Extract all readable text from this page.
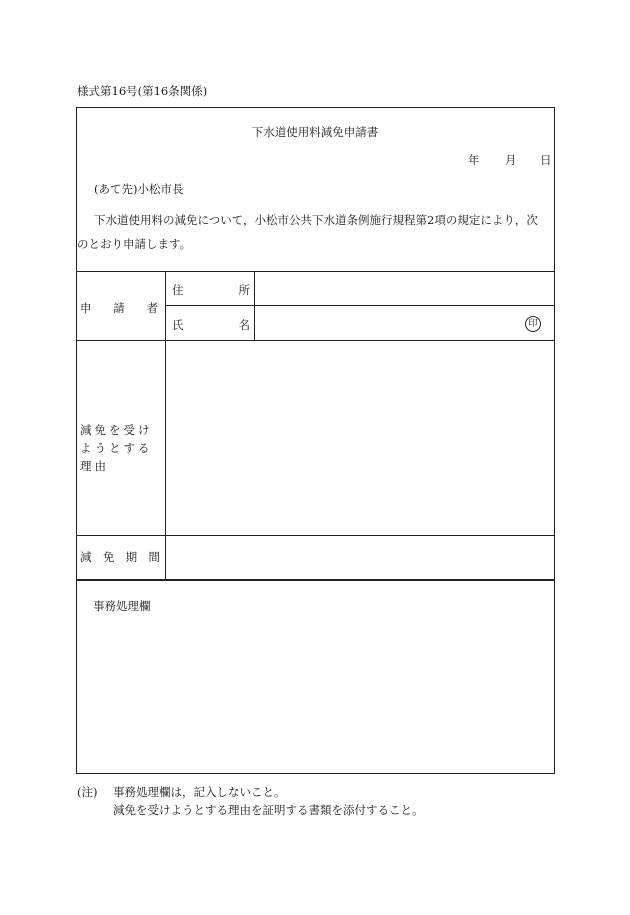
様式第16号(第16条関係)
下水道使用料減免申請書
年 月 日
(あて先)小松市長
下水道使用料の減免について，小松市公共下水道条例施行規程第2項の規定により，次
のとおり申請します。
申 請 者
住	所
氏	名	印
減免を受けようとする理由
減 免 期 間
事務処理欄
(注) 事務処理欄は，記入しないこと。
減免を受けようとする理由を証明する書類を添付すること。
